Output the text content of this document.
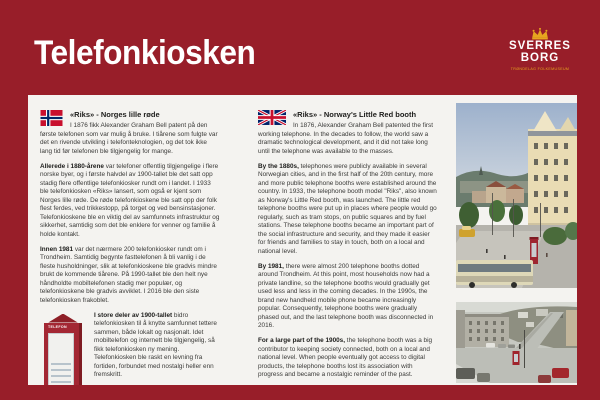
Telefonkiosken	SVERRES
BORG
TRØNDELAG FOLKEMUSEUM
«Riks» - Norges lille røde

I 1876 fikk Alexander Graham Bell patent på den første telefonen som var mulig å bruke. I tiårene som fulgte var det en rivende utvikling i telefonteknologien, og det tok ikke lang tid før telefonen ble tilgjengelig for mange.

Allerede i 1880-årene var telefoner offentlig tilgjengelige i flere norske byer, og i første halvdel av 1900-tallet ble det satt opp stadig flere offentlige telefonkiosker rundt om i landet. I 1933 ble telefonkiosken «Riks» lansert, som også er kjent som Norges lille røde. De røde telefonkioskene ble satt opp der folk flest ferdes, ved trikkestopp, på torget og ved bensinstasjoner. Telefonkioskene ble en viktig del av samfunnets infrastruktur og sikkerhet, samtidig som det ble enklere for venner og familie å holde kontakt.

Innen 1981 var det nærmere 200 telefonkiosker rundt om i Trondheim. Samtidig begynte fasttelefonen å bli vanlig i de fleste husholdninger, slik at telefonkioskene ble gradvis mindre brukt de kommende tiårene. På 1990-tallet ble den helt nye håndholdte mobiltelefonen stadig mer populær, og telefonkioskene ble gradvis avviklet. I 2016 ble den siste telefonkiosken frakoblet.

TELEFON

I store deler av 1900-tallet bidro telefonkiosken til å knytte samfunnet tettere sammen, både lokalt og nasjonalt. Idet mobiltelefon og internett ble tilgjengelig, så fikk telefonkiosken ny mening. Telefonkiosken ble raskt en levning fra fortiden, forbundet med nostalgi heller enn fremskritt.

«Riks» - Norway's Little Red booth

In 1876, Alexander Graham Bell patented the first working telephone. In the decades to follow, the world saw a dramatic technological development, and it did not take long until the telephone was available to the masses.

By the 1880s, telephones were publicly available in several Norwegian cities, and in the first half of the 20th century, more and more public telephone booths were established around the country. In 1933, the telephone booth model "Riks", also known as Norway's Little Red booth, was launched. The little red telephone booths were put up in places where people would go regularly, such as tram stops, on public squares and by fuel stations. These telephone booths became an important part of the social infrastructure and security, and they made it easier for friends and families to stay in touch, both on a local and national level.

By 1981, there were almost 200 telephone booths dotted around Trondheim. At this point, most households now had a private landline, so the telephone booths would gradually get used less and less in the coming decades. In the 1990s, the brand new handheld mobile phone became increasingly popular. Consequently, telephone booths were gradually phased out, and the last telephone booth was disconnected in 2016.

For a large part of the 1900s, the telephone booth was a big contributor to keeping society connected, both on a local and national level. When people eventually got access to digital products, the telephone booths lost its association with progress and became a nostalgic reminder of the past.
